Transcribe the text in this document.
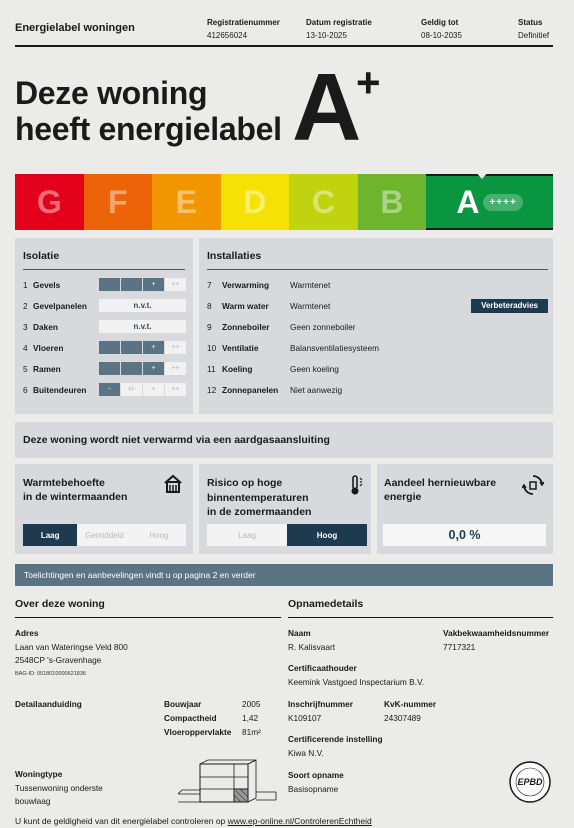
Energielabel woningen	Registratienummer
412656024
Datum registratie
13-10-2025
Geldig tot
08-10-2035
Status
Definitief
Deze woning
heeft energielabel A
+
G F E D C B A	++++
Isolatie
1 Gevels	+	++
2 Gevelpanelen	n.v.t.
3 Daken	n.v.t.
4 Vloeren	+	++
5 Ramen	+	++
6 Buitendeuren	-	+/-	+	++
Installaties
7	Verwarming	Warmtenet
8	Warm water	Warmtenet	Verbeteradvies
9	Zonneboiler	Geen zonneboiler
10 Ventilatie	Balansventilatiesysteem
11 Koeling	Geen koeling
12 Zonnepanelen	Niet aanwezig
Deze woning wordt niet verwarmd via een aardgasaansluiting
Warmtebehoefte
in de wintermaanden
Laag	Gemiddeld	Hoog
Risico op hoge
binnentemperaturen
in de zomermaanden
Laag	Hoog
Aandeel hernieuwbare
energie
0,0 %
Toelichtingen en aanbevelingen vindt u op pagina 2 en verder
Over deze woning
Adres
Laan van Wateringse Veld 800
2548CP 's-Gravenhage
BAG-ID: 0518010000621836
Detailaanduiding	Bouwjaar	2005
Compactheid	1,42
Vloeroppervlakte 81m²
Woningtype
Tussenwoning onderste
bouwlaag
Opnamedetails
Naam
R. Kalisvaart
Vakbekwaamheidsnummer
7717321
Certificaathouder
Keemink Vastgoed Inspectarium B.V.
Inschrijfnummer
K109107
KvK-nummer
24307489
Certificerende instelling
Kiwa N.V.
Soort opname
Basisopname
EPBD
U kunt de geldigheid van dit energielabel controleren op www.ep-online.nl/ControlerenEchtheid
